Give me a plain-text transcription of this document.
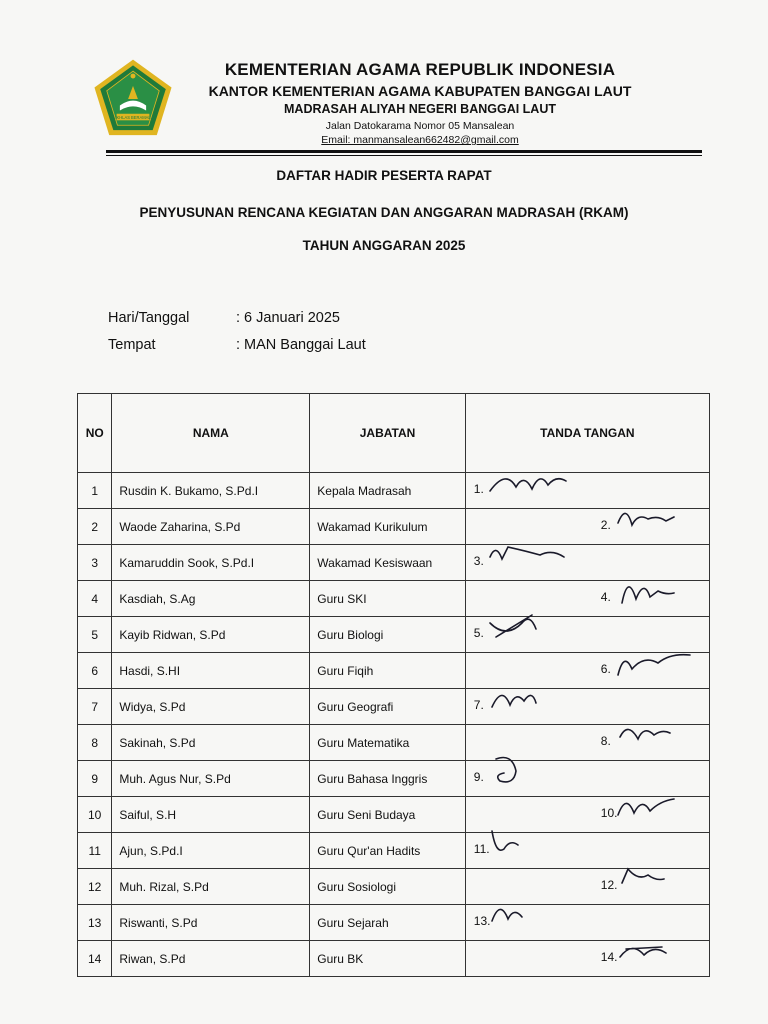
IKHLAS BERAMAL
KEMENTERIAN AGAMA REPUBLIK INDONESIA
KANTOR KEMENTERIAN AGAMA KABUPATEN BANGGAI LAUT
MADRASAH ALIYAH NEGERI BANGGAI LAUT
Jalan Datokarama Nomor 05 Mansalean
Email: manmansalean662482@gmail.com
DAFTAR HADIR PESERTA RAPAT
PENYUSUNAN RENCANA KEGIATAN DAN ANGGARAN MADRASAH (RKAM)
TAHUN ANGGARAN 2025
Hari/Tanggal	: 6 Januari 2025
Tempat	: MAN Banggai Laut
NO	NAMA	JABATAN	TANDA TANGAN
1	Rusdin K. Bukamo, S.Pd.I	Kepala Madrasah	1.

2	Waode Zaharina, S.Pd	Wakamad Kurikulum	2.

3	Kamaruddin Sook, S.Pd.I	Wakamad Kesiswaan	3.

4	Kasdiah, S.Ag	Guru SKI	4.

5	Kayib Ridwan, S.Pd	Guru Biologi	5.

6	Hasdi, S.HI	Guru Fiqih	6.

7	Widya, S.Pd	Guru Geografi	7.

8	Sakinah, S.Pd	Guru Matematika	8.

9	Muh. Agus Nur, S.Pd	Guru Bahasa Inggris	9.

10	Saiful, S.H	Guru Seni Budaya	10.

11	Ajun, S.Pd.I	Guru Qur'an Hadits	11.

12	Muh. Rizal, S.Pd	Guru Sosiologi	12.

13	Riswanti, S.Pd	Guru Sejarah	13.

14	Riwan, S.Pd	Guru BK	14.
